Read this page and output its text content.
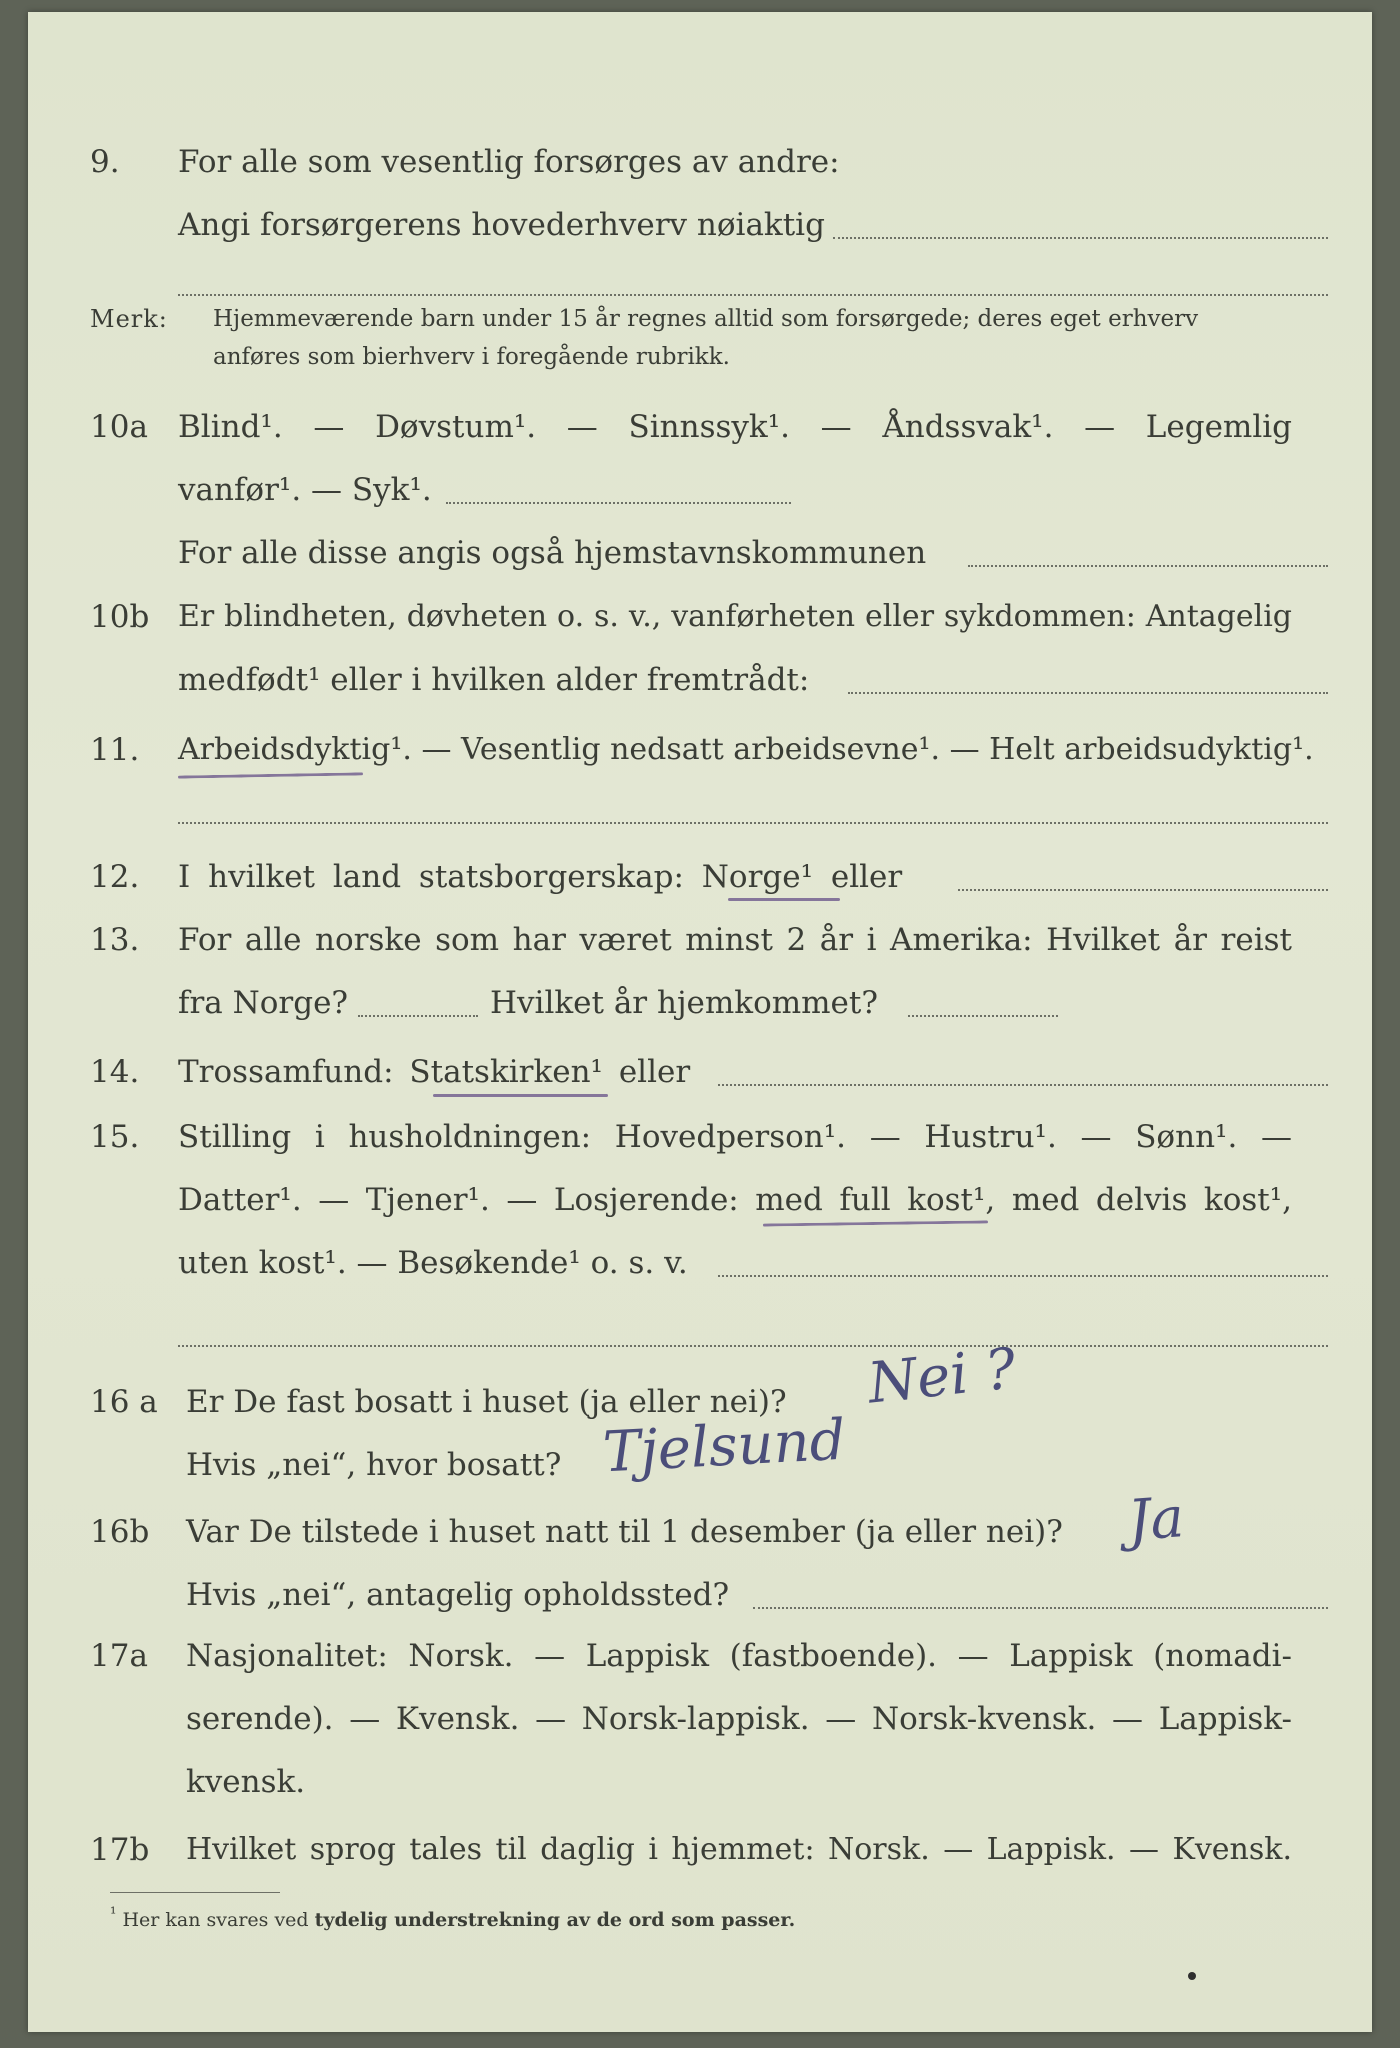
9. For alle som vesentlig forsørges av andre:
Angi forsørgerens hovederhverv nøiaktig
Merk: Hjemmeværende barn under 15 år regnes alltid som forsørgede; deres eget erhverv
anføres som bierhverv i foregående rubrikk.
10a Blind¹. — Døvstum¹. — Sinnssyk¹. — Åndssvak¹. — Legemlig
vanfør¹. — Syk¹.
For alle disse angis også hjemstavnskommunen
10b Er blindheten, døvheten o. s. v., vanførheten eller sykdommen: Antagelig
medfødt¹ eller i hvilken alder fremtrådt:
11. Arbeidsdyktig¹. — Vesentlig nedsatt arbeidsevne¹. — Helt arbeidsudyktig¹.
12. I hvilket land statsborgerskap: Norge¹ eller
13. For alle norske som har været minst 2 år i Amerika: Hvilket år reist
fra Norge?	Hvilket år hjemkommet?
14. Trossamfund: Statskirken¹ eller
15. Stilling i husholdningen: Hovedperson¹. — Hustru¹. — Sønn¹. —
Datter¹. — Tjener¹. — Losjerende: med full kost¹, med delvis kost¹,
uten kost¹. — Besøkende¹ o. s. v.
16 a Er De fast bosatt i huset (ja eller nei)? Nei ?
Hvis „nei“, hvor bosatt? Tjelsund
16b Var De tilstede i huset natt til 1 desember (ja eller nei)? Ja
Hvis „nei“, antagelig opholdssted?
17a Nasjonalitet: Norsk. — Lappisk (fastboende). — Lappisk (nomadi-
serende). — Kvensk. — Norsk-lappisk. — Norsk-kvensk. — Lappisk-
kvensk.
17b Hvilket sprog tales til daglig i hjemmet: Norsk. — Lappisk. — Kvensk.
$^{^1}$ Her kan svares ved tydelig understrekning av de ord som passer.
